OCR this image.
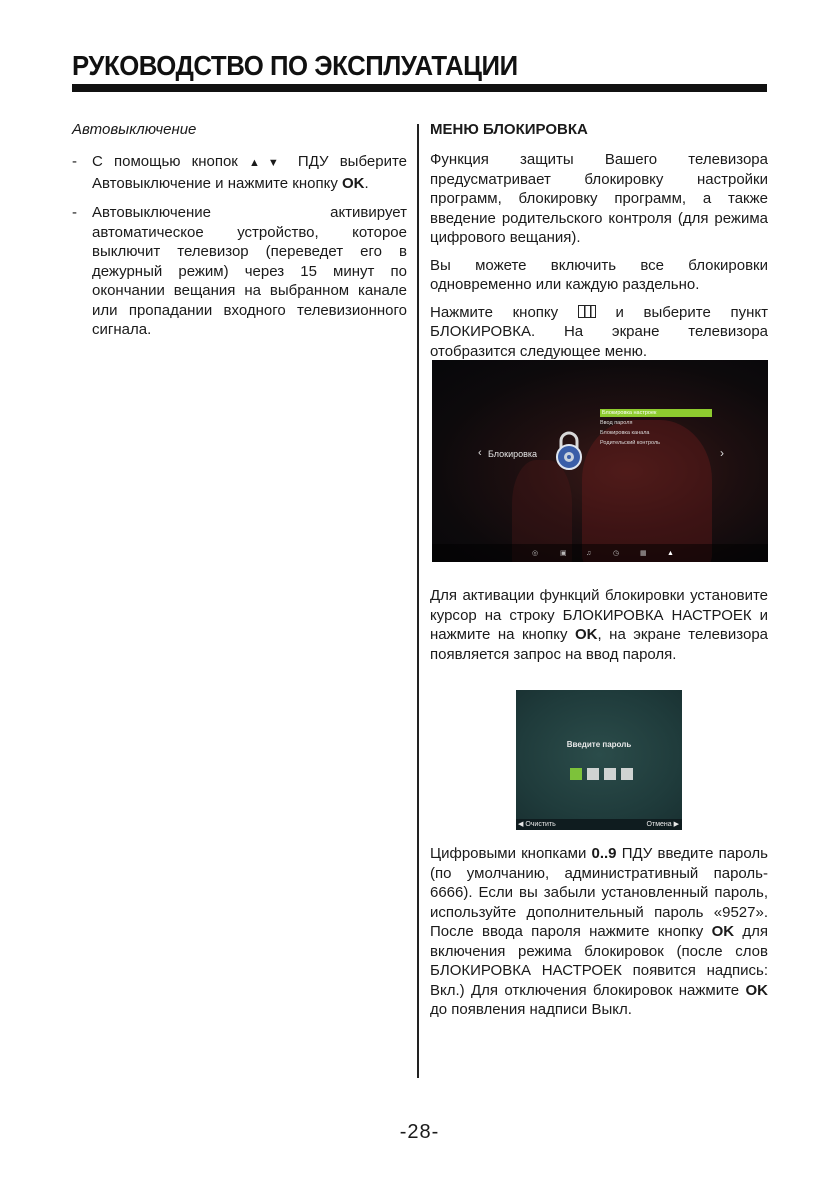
РУКОВОДСТВО ПО ЭКСПЛУАТАЦИИ
Автовыключение
- С помощью кнопок ▲▼ ПДУ выберите Автовыключение и нажмите кнопку OK.
- Автовыключение активирует автоматическое устройство, которое выключит телевизор (переведет его в дежурный режим) через 15 минут по окончании вещания на выбранном канале или пропадании входного телевизионного сигнала.
МЕНЮ БЛОКИРОВКА

Функция защиты Вашего телевизора предусматривает блокировку настройки программ, блокировку программ, а также введение родительского контроля (для режима цифрового вещания).

Вы можете включить все блокировки одновременно или каждую раздельно.

Нажмите кнопку	и выберите пункт БЛОКИРОВКА. На экране телевизора отобразится следующее меню.

Блокировка настроек
Ввод пароля
Блокировка канала
Родительский контроль
‹ Блокировка	›
◎	▣	♫	◷	▦	▲

Для активации функций блокировки установите курсор на строку БЛОКИРОВКА НАСТРОЕК и нажмите на кнопку OK, на экране телевизора появляется запрос на ввод пароля.

Введите пароль
◀ Очистить	Отмена ▶

Цифровыми кнопками 0..9 ПДУ введите пароль (по умолчанию, административный пароль- 6666). Если вы забыли установленный пароль, используйте дополнительный пароль «9527». После ввода пароля нажмите кнопку OK для включения режима блокировок (после слов БЛОКИРОВКА НАСТРОЕК появится надпись: Вкл.) Для отключения блокировок нажмите OK до появления надписи Выкл.

-28-
